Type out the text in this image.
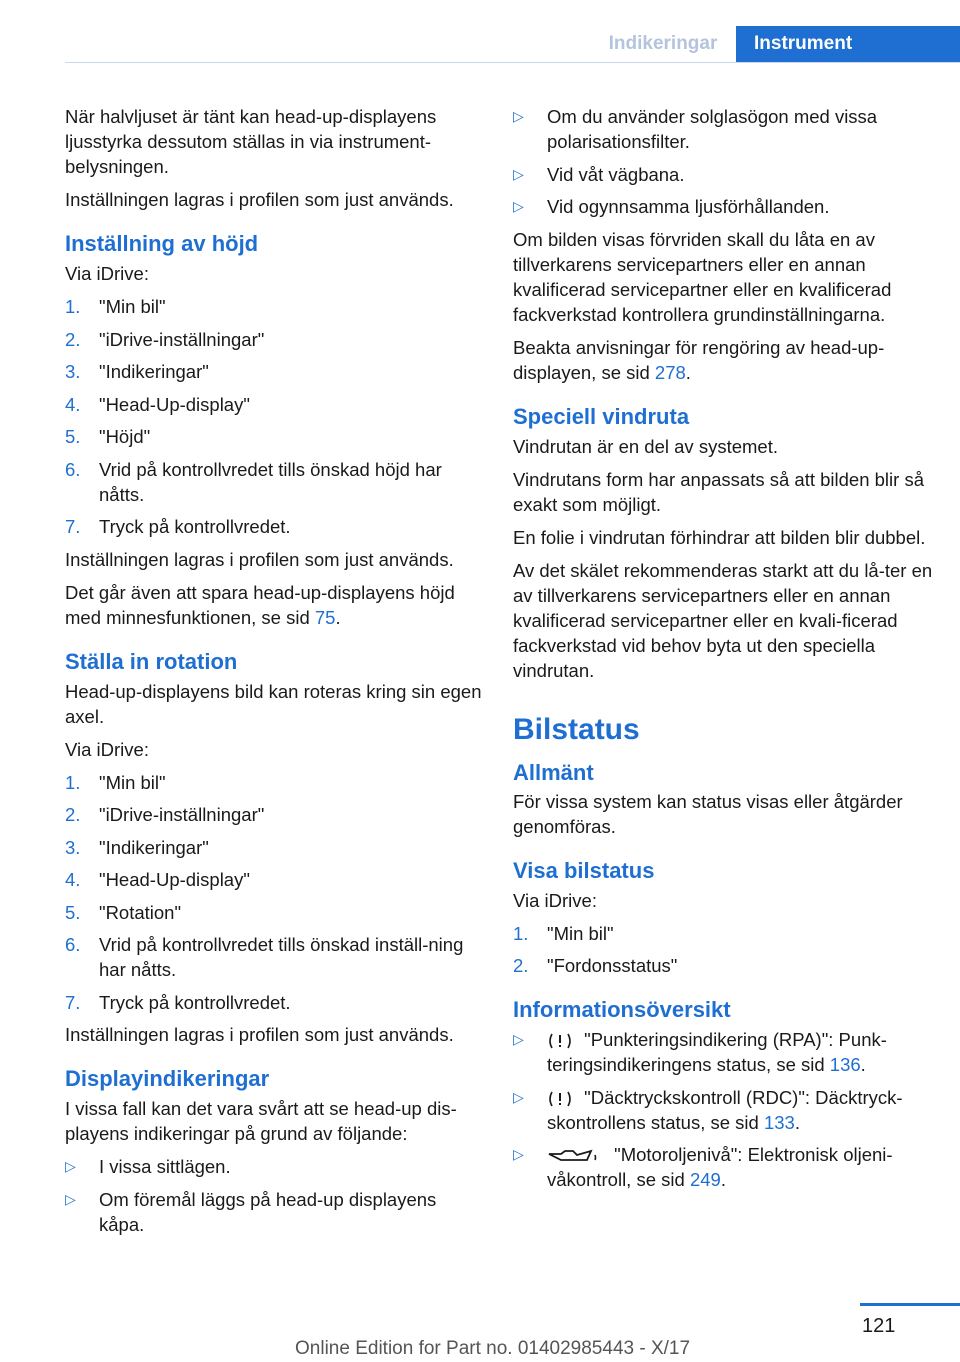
Indikeringar	Instrument

När halvljuset är tänt kan head-up-displayens ljusstyrka dessutom ställas in via instrument-belysningen.

Inställningen lagras i profilen som just används.

Inställning av höjd

Via iDrive:

1. "Min bil"
2. "iDrive-inställningar"
3. "Indikeringar"
4. "Head-Up-display"
5. "Höjd"
6. Vrid på kontrollvredet tills önskad höjd har nåtts.
7. Tryck på kontrollvredet.

Inställningen lagras i profilen som just används.

Det går även att spara head-up-displayens höjd med minnesfunktionen, se sid 75.

Ställa in rotation

Head-up-displayens bild kan roteras kring sin egen axel.

Via iDrive:

1. "Min bil"
2. "iDrive-inställningar"
3. "Indikeringar"
4. "Head-Up-display"
5. "Rotation"
6. Vrid på kontrollvredet tills önskad inställ-ning har nåtts.
7. Tryck på kontrollvredet.

Inställningen lagras i profilen som just används.

Displayindikeringar

I vissa fall kan det vara svårt att se head-up dis-playens indikeringar på grund av följande:

▷ I vissa sittlägen.
▷ Om föremål läggs på head-up displayens kåpa.
▷ Om du använder solglasögon med vissa polarisationsfilter.
▷ Vid våt vägbana.
▷ Vid ogynnsamma ljusförhållanden.

Om bilden visas förvriden skall du låta en av tillverkarens servicepartners eller en annan kvalificerad servicepartner eller en kvalificerad fackverkstad kontrollera grundinställningarna.

Beakta anvisningar för rengöring av head-up-displayen, se sid 278.

Speciell vindruta

Vindrutan är en del av systemet.

Vindrutans form har anpassats så att bilden blir så exakt som möjligt.

En folie i vindrutan förhindrar att bilden blir dubbel.

Av det skälet rekommenderas starkt att du lå-ter en av tillverkarens servicepartners eller en annan kvalificerad servicepartner eller en kvali-ficerad fackverkstad vid behov byta ut den speciella vindrutan.

Bilstatus
Allmänt

För vissa system kan status visas eller åtgärder genomföras.

Visa bilstatus

Via iDrive:

1. "Min bil"
2. "Fordonsstatus"
Informationsöversikt
▷	"Punkteringsindikering (RPA)": Punk-teringsindikeringens status, se sid 136.
▷	"Däcktryckskontroll (RDC)": Däcktryck-skontrollens status, se sid 133.
▷	"Motoroljenivå": Elektronisk oljeni-våkontroll, se sid 249.
121
Online Edition for Part no. 01402985443 - X/17
